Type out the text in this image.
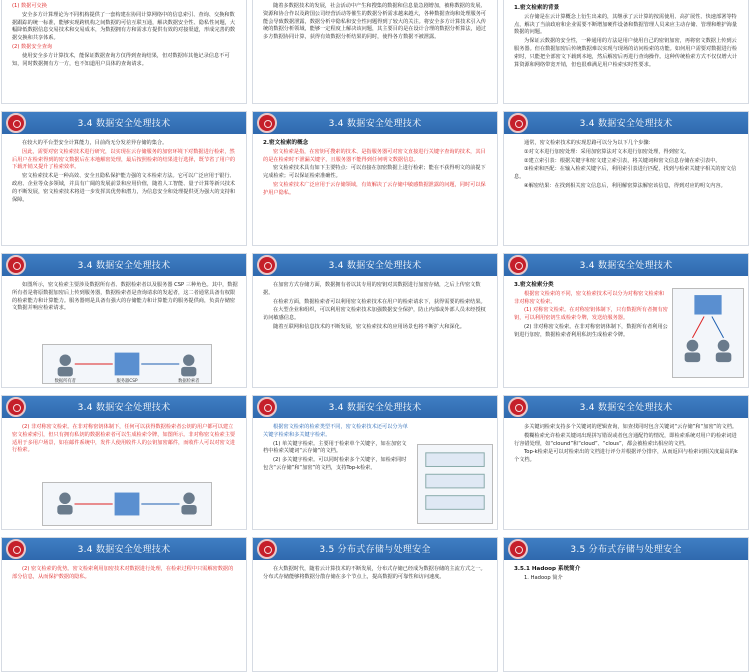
(1) 数据可交换
安全多方计算理论为不同机构提供了一套构建在协同计算网络中的信息索引、查询、交换和数据跟踪的统一标准，能够实现跨机构之间数据的可信互联互通，解决数据安全性、隐私性问题，大幅降低数据信息交易技术和交易成本，为数据拥有方和需求方提供有效的对接渠道，形成完善的数据交换和共享体系。
(2) 数据安全查询
使用安全多方计算技术，能保证数据查询方仅得到查询结果，但对数据库其他记录信息不可知，同时数据拥有方一方，也不知道用户具体的查询请求。
随着多数据技术的发展，社会活动中产生和搜集的数据和信息量急剧增加，被称数据的发展、资源和协合作以及跨国公司经营活动等催生的数据分析需求越来越大，各种数据查询和处理服务可能会导致数据泄露，数据分析中隐私和安全性问题得到了较大的关注。将安全多方计算技术引入传统的数据分析领域，能够一定程度上解决该问题，其主要目的是在设计合理的数据分析算法，通过多方数据协同计算，获得有效数据分析结果的同时，使得各方数据不被泄露。
1.密文检索的背景
云存储是在云计算概念上衍生出来的，其继承了云计算的按需使用、高扩展性、快速部署等特点，解决了当前政府和企业需要不断增加硬件设备和数据管理人员来应主动存储、管理和维护海量数据的问题。
为保证云数据的安全性，一种通用的方法是用户使用自己的密钥加密，再将密文数据上传到云服务器。但在数据加密后传统数据难以实现与现场的访问检索的功能。如何用户需要对数据进行检索时，只能把全部密文下载到本地，然后解密后再进行查询操作。这种传统检索方式不仅仅增大计算资源和网络带宽开销，但也很难满足用户检索实时性要求。
3.4 数据安全处理技术
在较大的平台型安全计算能力，目前尚无分发差异存储的集合。
因此，需要对密文检索技术进行研究，以实现在云存储服务的加密环境下对数据进行检索，然后用户在检索得到的密文数据后在本地解密处理，最后按照检索的结果进行选择，既节省了用户的下载开销又提升了检索效率。
密文检索技术是一种高效、安全且隐私保护能力强的文本检索方法。它可以广泛应用于银行、政府、企业等众多领域，并具有广阔的发展前景和应用价值，随着人工智能、量子计算等新兴技术的不断发展，密文检索技术将进一步发挥其优势和潜力，为信息安全和处理提供更为强大的支持和保障。
3.4 数据安全处理技术
2.密文检索的概念
密文检索是指，在密钥可搜索的技术、是指服务器可对密文直接进行关键字查询的技术，其目的是在检索时不泄漏关键字，且服务器不能得到任何明文数据信息。
密文检索技术具有如下主要特点：可以直接在加密数据上进行检索；能在不获得明文的前提下完成检索；可以保证检索准确性。
密文检索技术广泛应用于云存储领域，有效解决了云存储中敏感数据泄露的问题，同时可以保护用户隐私。
3.4 数据安全处理技术
通常，密文检索技术的实现思路可以分为以下几个步骤：
①对文本进行加密处理：采用加密算法对文本进行加密处理，得到密文。
②建立索引表：根据关键字和密文建立索引表，将关键词和密文信息存储在索引表中。
③检索和匹配：在输入检索关键字后，利用索引表进行匹配，找到与检索关键字相关的密文信息。
④解密结果：在找到相关密文信息后，利用解密算法解密该信息，得到对应的明文内容。
3.4 数据安全处理技术
如图所示，密文检索主要涉及数据所有者、数据检索者以及服务器 CSP 三种角色。其中，数据所有者是将原数据加密后上传到服务器，数据检索者是查询请求的发起者，这二者通常具备有权限的检索能力和计算能力。服务器则是具备有强大的存储能力和计算能力的服务提供商，负责存储密文数据并响应检索请求。
数据所有者	服务器CSP	数据检索者
3.4 数据安全处理技术
在加密方式存储方面，数据拥有者以其专用的密钥对其数据进行加密存储，之后上传密文数据。
在检索方面，数据检索者可以利用密文检索技术在用户的检索请求下，获得需要的检索结果。
在大型企业和组织，可以利用密文检索技术加强数据安全保护，防止内部或外部人员未经授权访问敏感信息。
随着互联网和信息技术的不断发展，密文检索技术的应用场景也将不断扩大和深化。
3.4 数据安全处理技术
3.密文检索分类
根据密文检索的不同，密文检索技术可以分为对称密文检索和非对称密文检索。
(1) 对称密文检索。在对称密钥体制下，只有数据所有者拥有密钥，可以利用密钥生成检索令牌，发送给服务器。
(2) 非对称密文检索。在非对称密钥体制下，数据所有者利用公钥进行加密，数据检索者利用私钥生成检索令牌。
3.4 数据安全处理技术
(2) 非对称密文检索。在非对称密钥体制下，任何可以获得数据检索者公钥的用户都可以建立密文检索索引，但只有拥有私钥的数据检索者可以生成检索令牌，如图所示。非对称密文检索主要适用于多用户场景，如在邮件系统中，发件人使用收件人的公钥加密邮件，而收件人可以对密文进行检索。
3.4 数据安全处理技术
根据密文检索的检索类型不同，密文检索技术还可以分为单关键字检索和多关键字检索。
(1) 单关键字检索。主要用于检索单个关键字，如在加密文档中检索关键词“云存储”的文档。
(2) 多关键字检索。可以同时检索多个关键字，如检索同时包含“云存储”和“加密”的文档，支持Top-k检索。
3.4 数据安全处理技术
多关键词检索支持多个关键词的逻辑查询，如查找同时包含关键词“云存储”和“加密”的文档。
模糊检索允许检索关键词出现拼写错误或者包含通配符的情况，即检索系统对用户的检索词进行容错处理，如“clound”和“cloud”、“clous”，都会被检索出相应的文档。
Top-k检索是可以对检索出的文档进行评分并根据评分排序，从而返回与检索词相关度最高的k个文档。
3.4 数据安全处理技术
(2) 密文检索的优势。密文检索利用加密技术对数据进行处理，在检索过程中只需解密数据的部分信息，从而保护数据的隐私。
3.5 分布式存储与处理安全
在大数据时代，随着云计算技术的不断发展，分布式存储已经成为数据存储的主流方式之一。分布式存储能够将数据分散存储在多个节点上，提高数据的可靠性和访问速度。
3.5 分布式存储与处理安全
3.5.1 Hadoop 系统简介
1. Hadoop 简介
